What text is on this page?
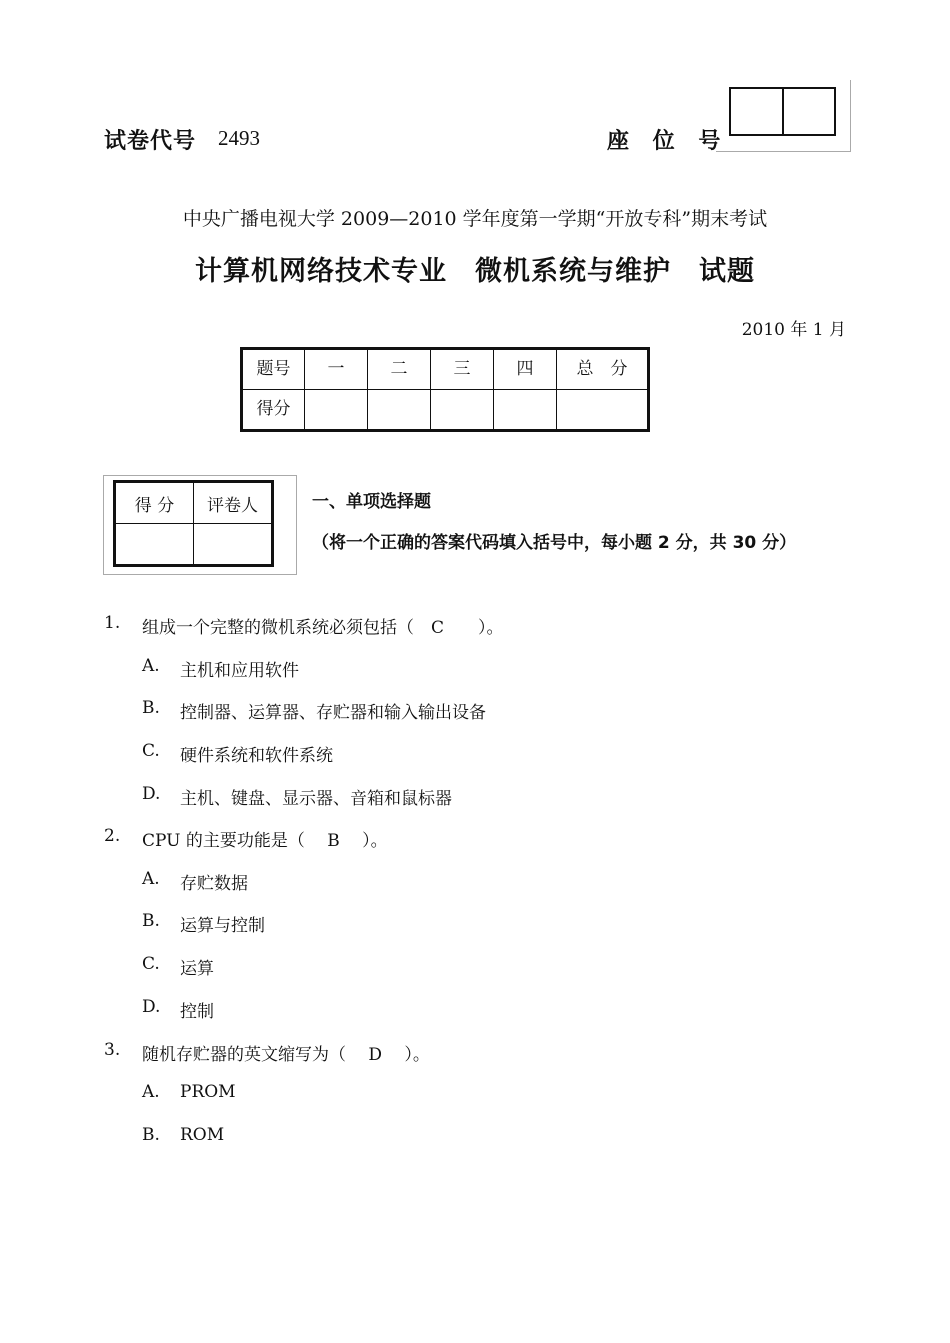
试卷代号 2493	座 位 号
中央广播电视大学 2009—2010 学年度第一学期“开放专科”期末考试
计算机网络技术专业　微机系统与维护　试题
2010 年 1 月
题号	一	二	三	四	总　分
得分					
得 分	评卷人
		一、单项选择题
（将一个正确的答案代码填入括号中，每小题 2 分，共 30 分）
1. 组成一个完整的微机系统必须包括（　C　　）。
A. 主机和应用软件
B. 控制器、运算器、存贮器和输入输出设备
C. 硬件系统和软件系统
D. 主机、键盘、显示器、音箱和鼠标器
2. CPU 的主要功能是（　 B　 ）。
A. 存贮数据
B. 运算与控制
C. 运算
D. 控制
3. 随机存贮器的英文缩写为（　 D　 ）。
A. PROM
B. ROM
